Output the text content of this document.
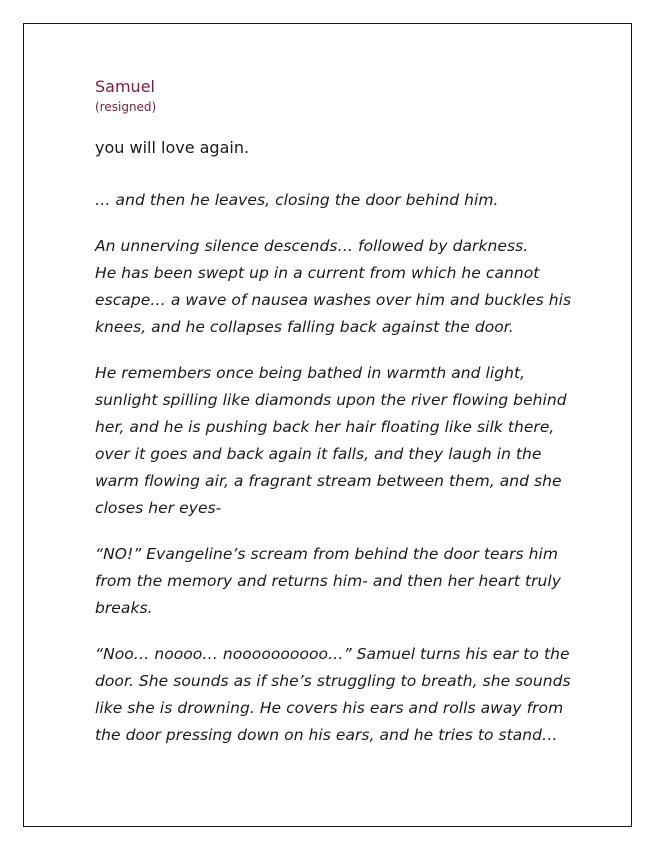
Samuel

(resigned)

you will love again.

… and then he leaves, closing the door behind him.

An unnerving silence descends… followed by darkness.
He has been swept up in a current from which he cannot
escape… a wave of nausea washes over him and buckles his
knees, and he collapses falling back against the door.

He remembers once being bathed in warmth and light,
sunlight spilling like diamonds upon the river flowing behind
her, and he is pushing back her hair floating like silk there,
over it goes and back again it falls, and they laugh in the
warm flowing air, a fragrant stream between them, and she
closes her eyes-

“NO!” Evangeline’s scream from behind the door tears him
from the memory and returns him- and then her heart truly
breaks.

“Noo… noooo… noooooooooo…” Samuel turns his ear to the
door. She sounds as if she’s struggling to breath, she sounds
like she is drowning. He covers his ears and rolls away from
the door pressing down on his ears, and he tries to stand…
